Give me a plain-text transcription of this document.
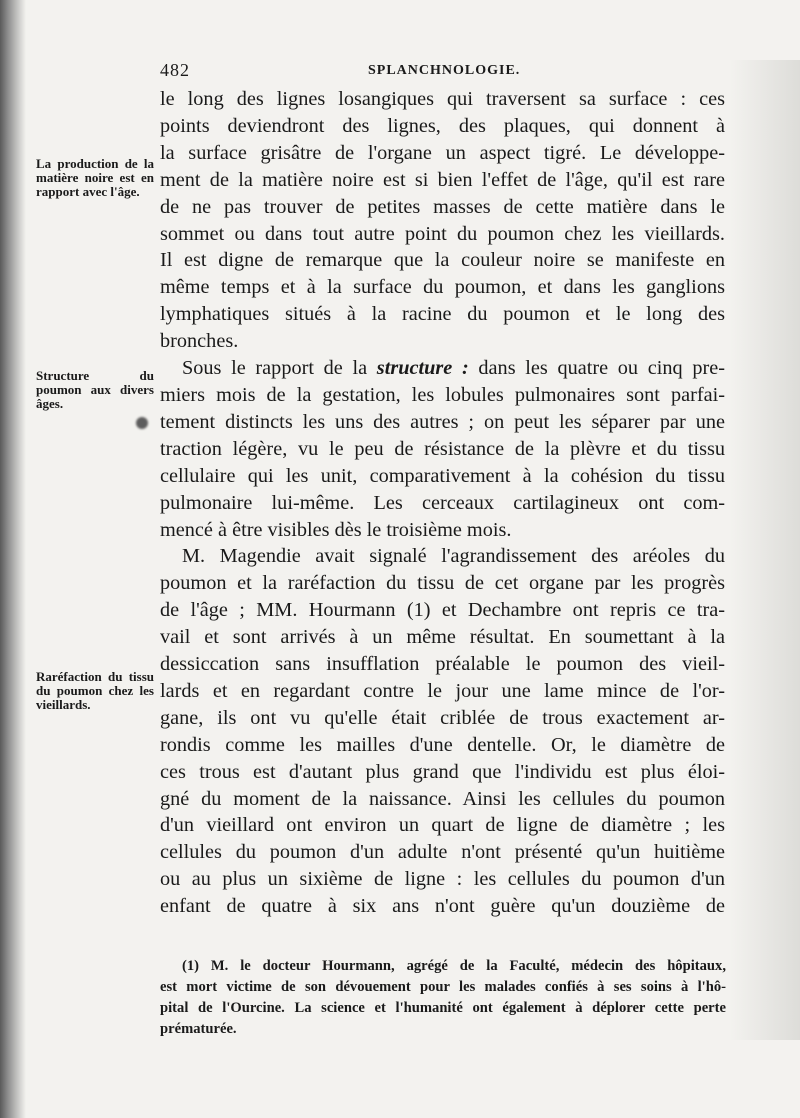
482	SPLANCHNOLOGIE.
La production de la matière noire est en rapport avec l'âge.
Structure du poumon aux divers âges.
Raréfaction du tissu du poumon chez les vieillards.

le long des lignes losangiques qui traversent sa surface : ces
points deviendront des lignes, des plaques, qui donnent à
la surface grisâtre de l'organe un aspect tigré. Le développe-
ment de la matière noire est si bien l'effet de l'âge, qu'il est rare
de ne pas trouver de petites masses de cette matière dans le
sommet ou dans tout autre point du poumon chez les vieillards.
Il est digne de remarque que la couleur noire se manifeste en
même temps et à la surface du poumon, et dans les ganglions
lymphatiques situés à la racine du poumon et le long des
bronches.

Sous le rapport de la structure : dans les quatre ou cinq pre-
miers mois de la gestation, les lobules pulmonaires sont parfai-
tement distincts les uns des autres ; on peut les séparer par une
traction légère, vu le peu de résistance de la plèvre et du tissu
cellulaire qui les unit, comparativement à la cohésion du tissu
pulmonaire lui-même. Les cerceaux cartilagineux ont com-
mencé à être visibles dès le troisième mois.

M. Magendie avait signalé l'agrandissement des aréoles du
poumon et la raréfaction du tissu de cet organe par les progrès
de l'âge ; MM. Hourmann (1) et Dechambre ont repris ce tra-
vail et sont arrivés à un même résultat. En soumettant à la
dessiccation sans insufflation préalable le poumon des vieil-
lards et en regardant contre le jour une lame mince de l'or-
gane, ils ont vu qu'elle était criblée de trous exactement ar-
rondis comme les mailles d'une dentelle. Or, le diamètre de
ces trous est d'autant plus grand que l'individu est plus éloi-
gné du moment de la naissance. Ainsi les cellules du poumon
d'un vieillard ont environ un quart de ligne de diamètre ; les
cellules du poumon d'un adulte n'ont présenté qu'un huitième
ou au plus un sixième de ligne : les cellules du poumon d'un
enfant de quatre à six ans n'ont guère qu'un douzième de

(1) M. le docteur Hourmann, agrégé de la Faculté, médecin des hôpitaux,
est mort victime de son dévouement pour les malades confiés à ses soins à l'hô-
pital de l'Ourcine. La science et l'humanité ont également à déplorer cette perte
prématurée.
